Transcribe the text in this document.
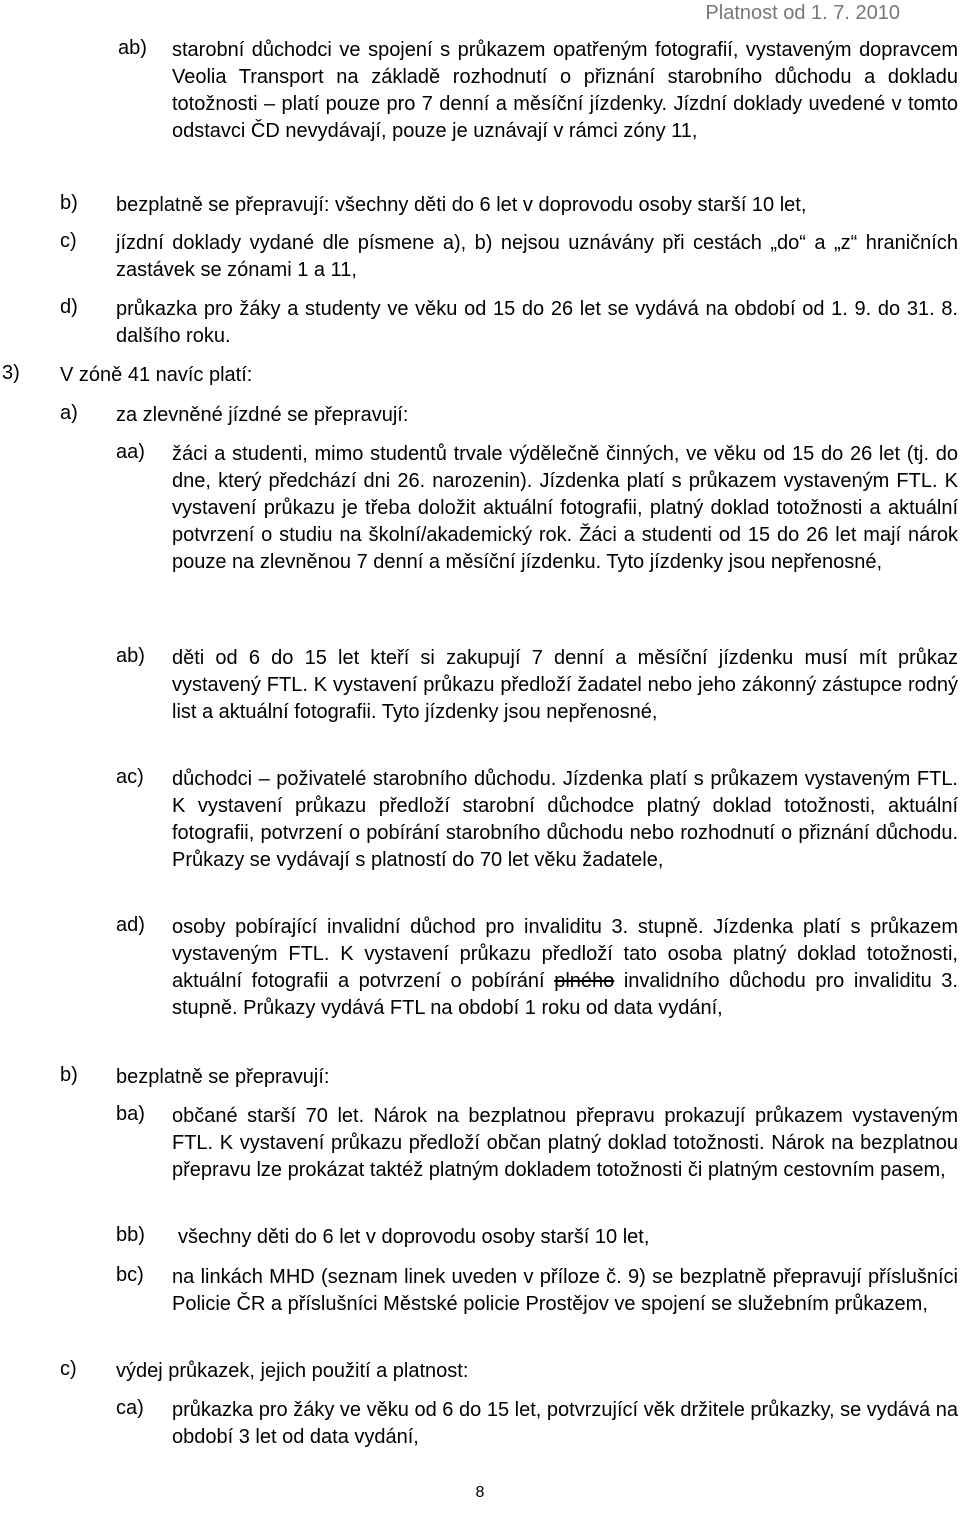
Platnost od 1. 7. 2010
ab)	starobní důchodci ve spojení s průkazem opatřeným fotografií, vystaveným dopravcem Veolia Transport na základě rozhodnutí o přiznání starobního důchodu a dokladu totožnosti – platí pouze pro 7 denní a měsíční jízdenky. Jízdní doklady uvedené v tomto odstavci ČD nevydávají, pouze je uznávají v rámci zóny 11,

b)	bezplatně se přepravují: všechny děti do 6 let v doprovodu osoby starší 10 let,

c)	jízdní doklady vydané dle písmene a), b) nejsou uznávány při cestách „do“ a „z“ hraničních zastávek se zónami 1 a 11,

d)	průkazka pro žáky a studenty ve věku od 15 do 26 let se vydává na období od 1. 9. do 31. 8. dalšího roku.

3)	V zóně 41 navíc platí:
a)	za zlevněné jízdné se přepravují:
aa)	žáci a studenti, mimo studentů trvale výdělečně činných, ve věku od 15 do 26 let (tj. do dne, který předchází dni 26. narozenin). Jízdenka platí s průkazem vystaveným FTL. K vystavení průkazu je třeba doložit aktuální fotografii, platný doklad totožnosti a aktuální potvrzení o studiu na školní/akademický rok. Žáci a studenti od 15 do 26 let mají nárok pouze na zlevněnou 7 denní a měsíční jízdenku. Tyto jízdenky jsou nepřenosné,

ab)	děti od 6 do 15 let kteří si zakupují 7 denní a měsíční jízdenku musí mít průkaz vystavený FTL. K vystavení průkazu předloží žadatel nebo jeho zákonný zástupce rodný list a aktuální fotografii. Tyto jízdenky jsou nepřenosné,

ac)	důchodci – poživatelé starobního důchodu. Jízdenka platí s průkazem vystaveným FTL. K vystavení průkazu předloží starobní důchodce platný doklad totožnosti, aktuální fotografii, potvrzení o pobírání starobního důchodu nebo rozhodnutí o přiznání důchodu. Průkazy se vydávají s platností do 70 let věku žadatele,

ad)	osoby pobírající invalidní důchod pro invaliditu 3. stupně. Jízdenka platí s průkazem vystaveným FTL. K vystavení průkazu předloží tato osoba platný doklad totožnosti, aktuální fotografii a potvrzení o pobírání plného invalidního důchodu pro invaliditu 3. stupně. Průkazy vydává FTL na období 1 roku od data vydání,

b)	bezplatně se přepravují:
ba)	občané starší 70 let. Nárok na bezplatnou přepravu prokazují průkazem vystaveným FTL. K vystavení průkazu předloží občan platný doklad totožnosti. Nárok na bezplatnou přepravu lze prokázat taktéž platným dokladem totožnosti či platným cestovním pasem,

bb)	všechny děti do 6 let v doprovodu osoby starší 10 let,

bc)	na linkách MHD (seznam linek uveden v příloze č. 9) se bezplatně přepravují příslušníci Policie ČR a příslušníci Městské policie Prostějov ve spojení se služebním průkazem,

c)	výdej průkazek, jejich použití a platnost:
ca)	průkazka pro žáky ve věku od 6 do 15 let, potvrzující věk držitele průkazky, se vydává na období 3 let od data vydání,

8
